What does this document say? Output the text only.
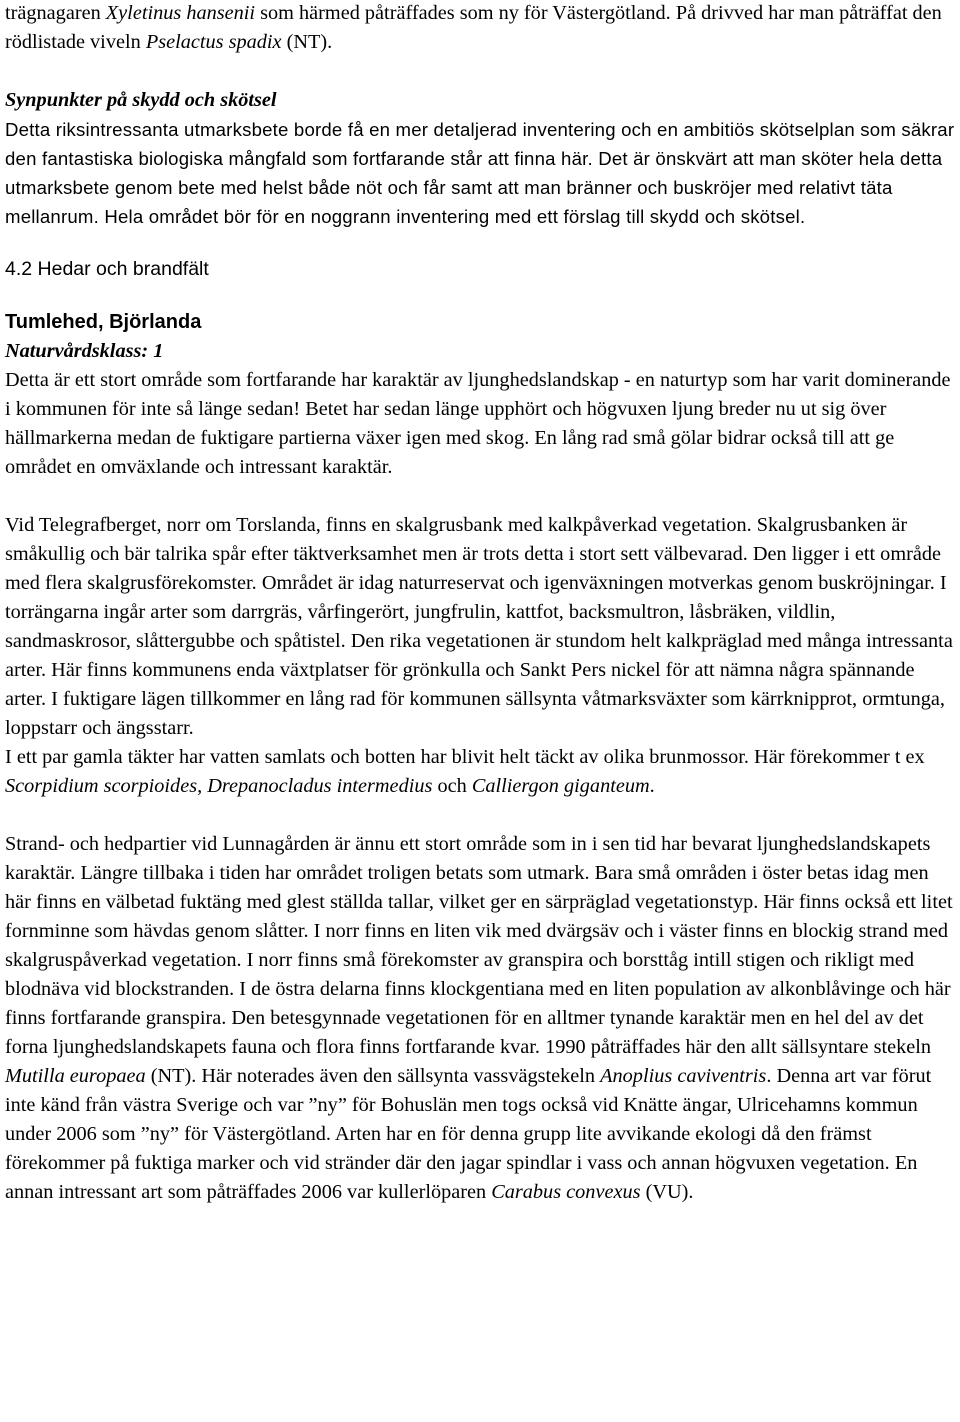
trägnagaren Xyletinus hansenii som härmed påträffades som ny för Västergötland. På drivved har man påträffat den rödlistade viveln Pselactus spadix (NT).

Synpunkter på skydd och skötsel

Detta riksintressanta utmarksbete borde få en mer detaljerad inventering och en ambitiös skötselplan som säkrar den fantastiska biologiska mångfald som fortfarande står att finna här. Det är önskvärt att man sköter hela detta utmarksbete genom bete med helst både nöt och får samt att man bränner och buskröjer med relativt täta mellanrum. Hela området bör för en noggrann inventering med ett förslag till skydd och skötsel.

4.2 Hedar och brandfält

Tumlehed, Björlanda

Naturvårdsklass: 1

Detta är ett stort område som fortfarande har karaktär av ljunghedslandskap - en naturtyp som har varit dominerande i kommunen för inte så länge sedan! Betet har sedan länge upphört och högvuxen ljung breder nu ut sig över hällmarkerna medan de fuktigare partierna växer igen med skog. En lång rad små gölar bidrar också till att ge området en omväxlande och intressant karaktär.

Vid Telegrafberget, norr om Torslanda, finns en skalgrusbank med kalkpåverkad vegetation. Skalgrusbanken är småkullig och bär talrika spår efter täktverksamhet men är trots detta i stort sett välbevarad. Den ligger i ett område med flera skalgrusförekomster. Området är idag naturreservat och igenväxningen motverkas genom buskröjningar. I torrängarna ingår arter som darrgräs, vårfingerört, jungfrulin, kattfot, backsmultron, låsbräken, vildlin, sandmaskrosor, slåttergubbe och spåtistel. Den rika vegetationen är stundom helt kalkpräglad med många intressanta arter. Här finns kommunens enda växtplatser för grönkulla och Sankt Pers nickel för att nämna några spännande arter. I fuktigare lägen tillkommer en lång rad för kommunen sällsynta våtmarksväxter som kärrknipprot, ormtunga, loppstarr och ängsstarr.

I ett par gamla täkter har vatten samlats och botten har blivit helt täckt av olika brunmossor. Här förekommer t ex Scorpidium scorpioides, Drepanocladus intermedius och Calliergon giganteum.

Strand- och hedpartier vid Lunnagården är ännu ett stort område som in i sen tid har bevarat ljunghedslandskapets karaktär. Längre tillbaka i tiden har området troligen betats som utmark. Bara små områden i öster betas idag men här finns en välbetad fuktäng med glest ställda tallar, vilket ger en särpräglad vegetationstyp. Här finns också ett litet fornminne som hävdas genom slåtter. I norr finns en liten vik med dvärgsäv och i väster finns en blockig strand med skalgruspåverkad vegetation. I norr finns små förekomster av granspira och borsttåg intill stigen och rikligt med blodnäva vid blockstranden. I de östra delarna finns klockgentiana med en liten population av alkonblåvinge och här finns fortfarande granspira. Den betesgynnade vegetationen för en alltmer tynande karaktär men en hel del av det forna ljunghedslandskapets fauna och flora finns fortfarande kvar. 1990 påträffades här den allt sällsyntare stekeln Mutilla europaea (NT). Här noterades även den sällsynta vassvägstekeln Anoplius caviventris. Denna art var förut inte känd från västra Sverige och var ”ny” för Bohuslän men togs också vid Knätte ängar, Ulricehamns kommun under 2006 som ”ny” för Västergötland. Arten har en för denna grupp lite avvikande ekologi då den främst förekommer på fuktiga marker och vid stränder där den jagar spindlar i vass och annan högvuxen vegetation. En annan intressant art som påträffades 2006 var kullerlöparen Carabus convexus (VU).
